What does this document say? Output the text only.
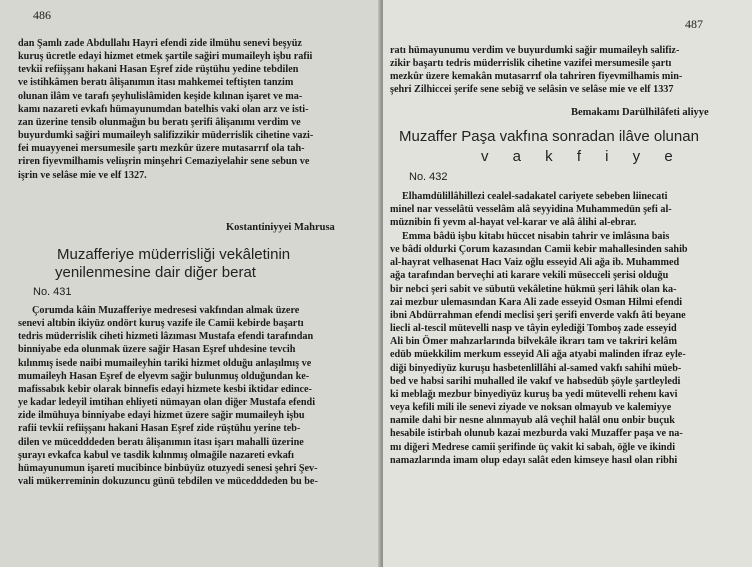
486

dan Şamlı zade Abdullahı Hayri efendi zide ilmühu senevi beşyüz
kuruş ücretle edayi hizmet etmek şartile sağiri mumaileyh işbu rafii
tevkii refiişşanı hakani Hasan Eşref zide rüştühu yedine tebdilen
ve istihkâmen beratı âlişanımın itası mahkemei teftişten tanzim
olunan ilâm ve tarafı şeyhulislâmiden keşide kılınan işaret ve ma-
kamı nazareti evkafı hümayunumdan batelhis vaki olan arz ve isti-
zan üzerine tensib olunmağın bu beratı şerifi âlişanımı verdim ve
buyurdumki sağiri mumaileyh salifizzikir müderrislik cihetine vazi-
fei muayyenei mersumesile şartı mezkûr üzere mutasarrıf ola tah-
riren fiyevmilhamis veliışrin minşehri Cemaziyelahir sene sebun ve
işrin ve selâse mie ve elf 1327.

Kostantiniyyei Mahrusa
Muzafferiye müderrisliği vekâletinin
yenilenmesine dair diğer berat
No. 431

Çorumda kâin Muzafferiye medresesi vakfından almak üzere
senevi altıbin ikiyüz ondört kuruş vazife ile Camii kebirde başartı
tedris müderrislik ciheti hizmeti lâzıması Mustafa efendi tarafından
binniyabe eda olunmak üzere sağir Hasan Eşref uhdesine tevcih
kılınmış isede naibi mumaileyhin tariki hizmet olduğu anlaşılmış ve
mumaileyh Hasan Eşref de elyevm sağir bulunmuş olduğundan ke-
mafissabık kebir olarak binnefis edayi hizmete kesbi iktidar edince-
ye kadar ledeyil imtihan ehliyeti nümayan olan diğer Mustafa efendi
zide ilmühuya binniyabe edayi hizmet üzere sağir mumaileyh işbu
rafii tevkii refiişşanı hakani Hasan Eşref zide rüştühu yerine teb-
dilen ve mücedddeden beratı âlişanımın itası işarı mahalli üzerine
şurayı evkafca kabul ve tasdik kılınmış olmağile nazareti evkafı
hümayunumun işareti mucibince binbüyüz otuzyedi senesi şehri Şev-
vali mükerreminin dokuzuncu günü tebdilen ve mücedddeden bu be-

487

ratı hümayunumu verdim ve buyurdumki sağir mumaileyh salifiz-
zikir başartı tedris müderrislik cihetine vazifei mersumesile şartı
mezkûr üzere kemakân mutasarrıf ola tahriren fiyevmilhamis min-
şehri Zilhiccei şerife sene sebiğ ve selâsin ve selâse mie ve elf 1337

Bemakamı Darülhilâfeti aliyye
Muzaffer Paşa vakfına sonradan ilâve olunan
v a k f i y e
No. 432

Elhamdülillâhillezi cealel-sadakatel cariyete sebeben liinecati
minel nar vesselâtü vesselâm alâ seyyidina Muhammedün şefi al-
müznibin fi yevm al-hayat vel-karar ve alâ âlihi al-ebrar.

Emma bâdü işbu kitabı hüccet nisabin tahrir ve imlâsına bais
ve bâdi oldurki Çorum kazasından Camii kebir mahallesinden sahib
al-hayrat velhasenat Hacı Vaiz oğlu esseyid Ali ağa ib. Muhammed
ağa tarafından berveçhi ati karare vekili müsecceli şerisi olduğu
bir nebci şeri sabit ve sübutü vekâletine hükmü şeri lâhik olan ka-
zai mezbur ulemasından Kara Ali zade esseyid Osman Hilmi efendi
ibni Abdürrahman efendi meclisi şeri şerifi enverde vakfı âti beyane
liecli al-tescil mütevelli nasp ve tâyin eylediği Tomboş zade esseyid
Ali bin Ömer mahzarlarında bilvekâle ikrarı tam ve takriri kelâm
edüb müekkilim merkum esseyid Ali ağa atyabi malinden ifraz eyle-
diği binyediyüz kuruşu hasbetenlillâhi al-samed vakfı sahihi müeb-
bed ve habsi sarihi muhalled ile vakıf ve habsedüb şöyle şartleyledi
ki meblağı mezbur binyediyüz kuruş ba yedi mütevelli rehenı kavi
veya kefili mili ile senevi ziyade ve noksan olmayub ve kalemiyye
namile dahi bir nesne alınmayub alâ veçhil halâl onu onbir buçuk
hesabile istirbah olunub kazai mezburda vaki Muzaffer paşa ve na-
mı diğeri Medrese camii şerifinde üç vakit ki sabah, öğle ve ikindi
namazlarında imam olup edayı salât eden kimseye hasıl olan ribhi
